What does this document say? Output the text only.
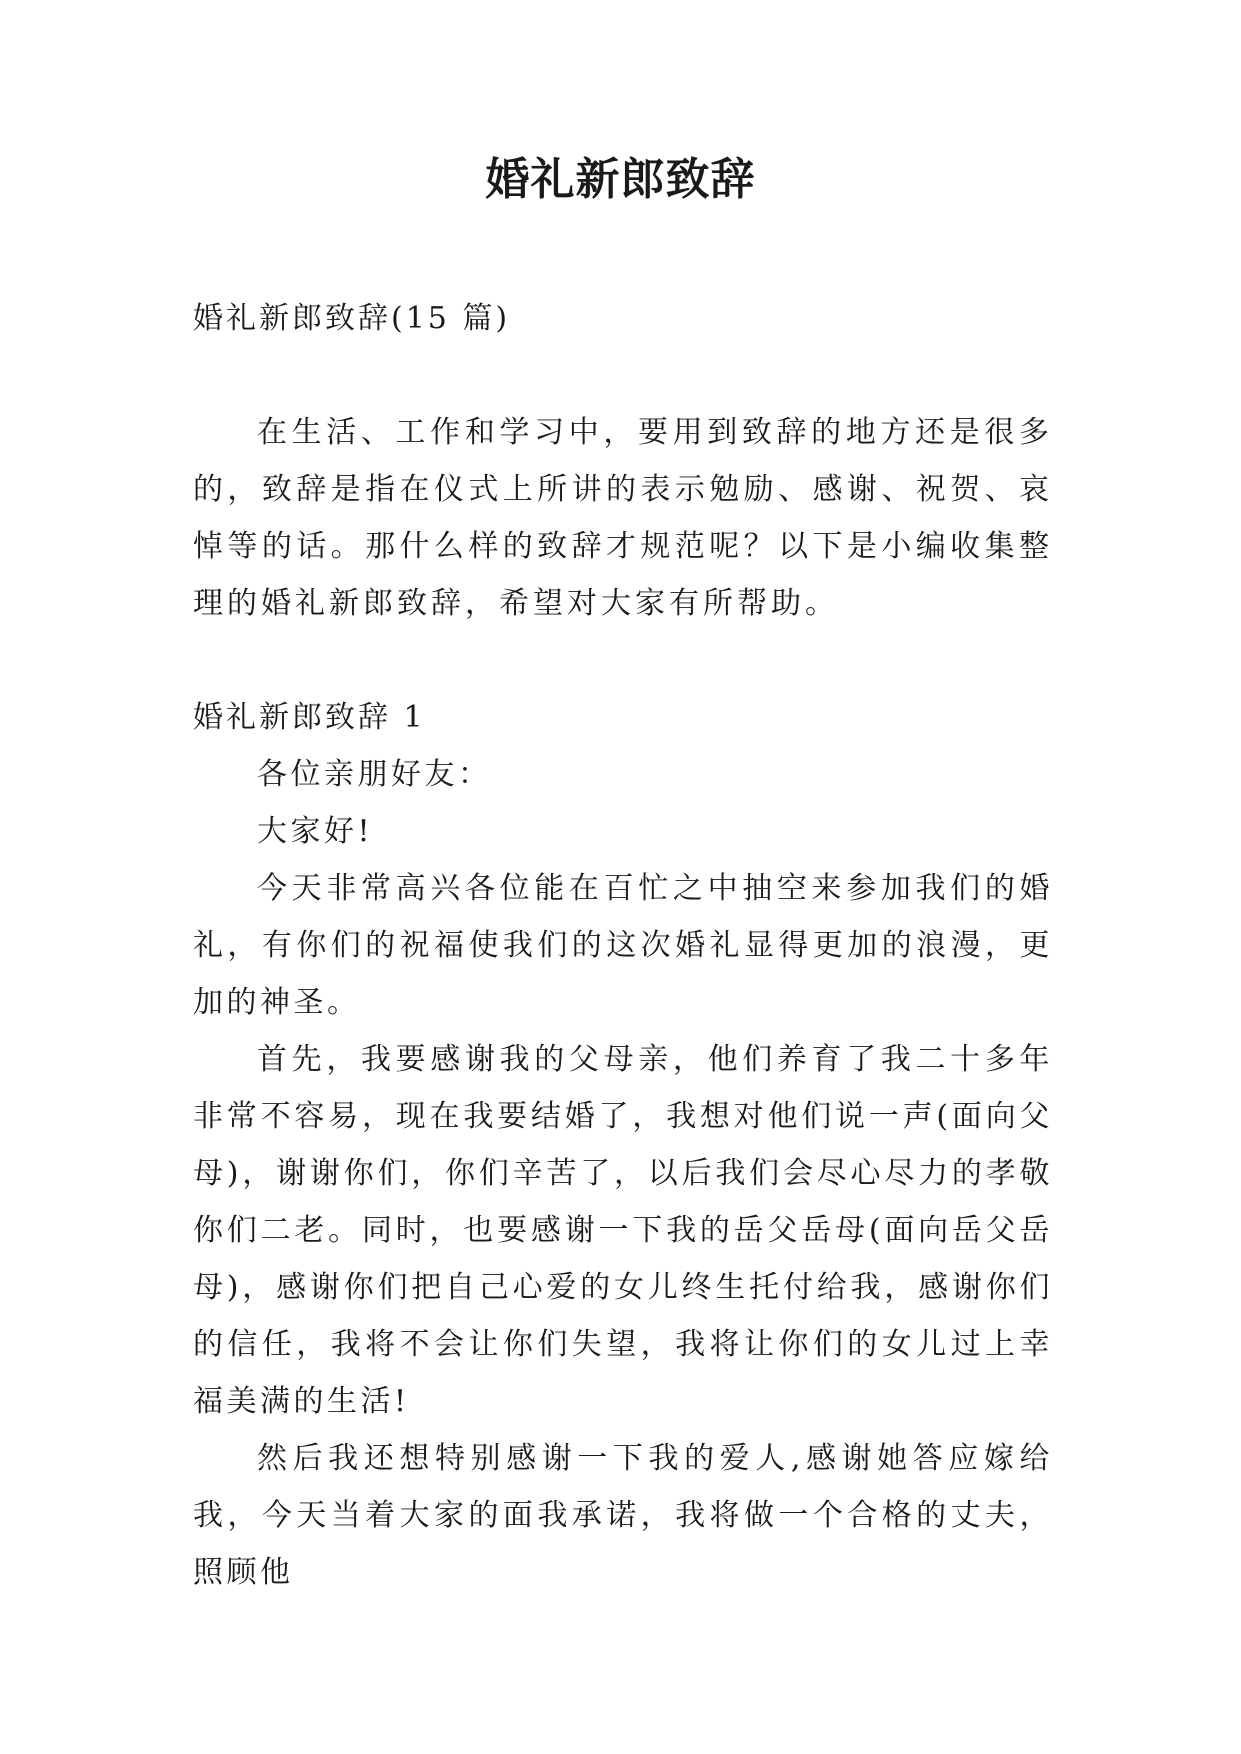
婚礼新郎致辞

婚礼新郎致辞(15 篇)

在生活、工作和学习中，要用到致辞的地方还是很多的，致辞是指在仪式上所讲的表示勉励、感谢、祝贺、哀悼等的话。那什么样的致辞才规范呢？以下是小编收集整理的婚礼新郎致辞，希望对大家有所帮助。

婚礼新郎致辞 1

各位亲朋好友：

大家好!

今天非常高兴各位能在百忙之中抽空来参加我们的婚礼，有你们的祝福使我们的这次婚礼显得更加的浪漫，更加的神圣。

首先，我要感谢我的父母亲，他们养育了我二十多年非常不容易，现在我要结婚了，我想对他们说一声(面向父母)，谢谢你们，你们辛苦了，以后我们会尽心尽力的孝敬你们二老。同时，也要感谢一下我的岳父岳母(面向岳父岳母)，感谢你们把自己心爱的女儿终生托付给我，感谢你们的信任，我将不会让你们失望，我将让你们的女儿过上幸福美满的生活!

然后我还想特别感谢一下我的爱人,感谢她答应嫁给我，今天当着大家的面我承诺，我将做一个合格的丈夫，照顾他
